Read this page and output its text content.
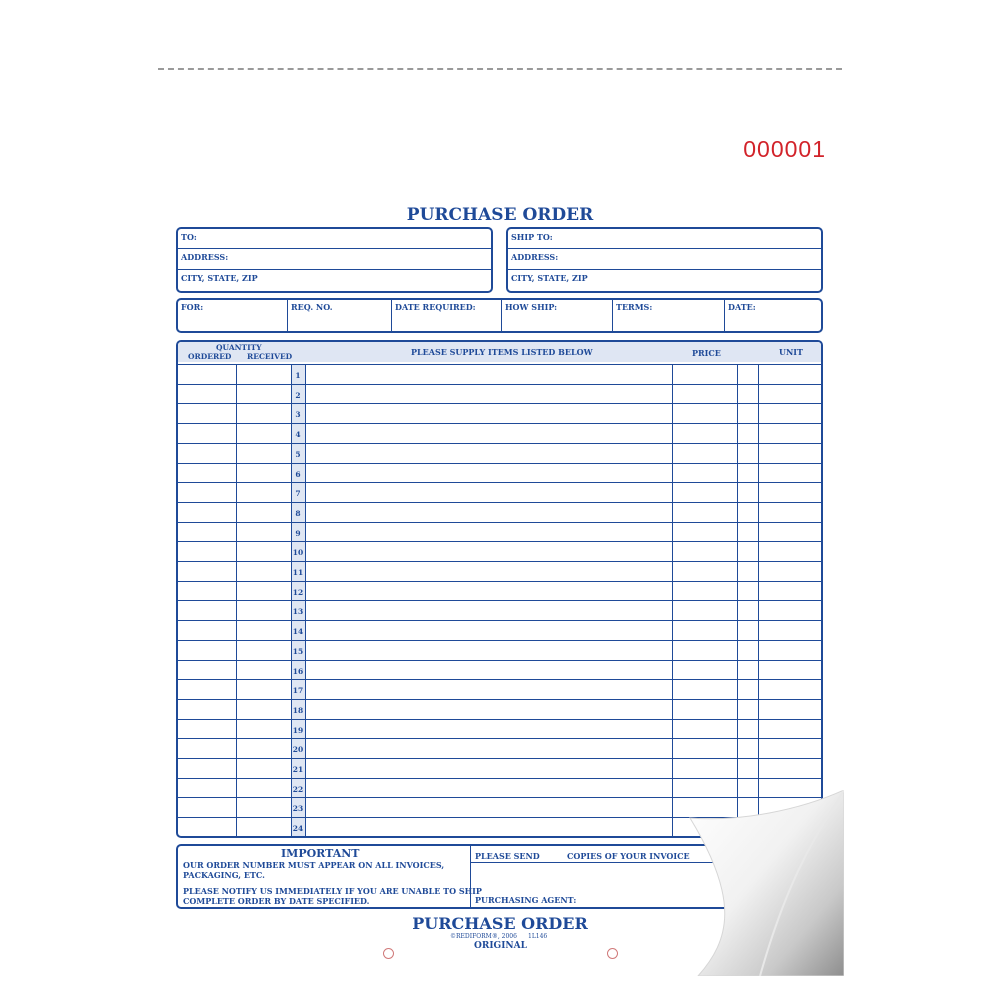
000001
PURCHASE ORDER
TO:
ADDRESS:
CITY, STATE, ZIP
SHIP TO:
ADDRESS:
CITY, STATE, ZIP
FOR:	REQ. NO.	DATE REQUIRED:	HOW SHIP:	TERMS:	DATE:
QUANTITY
ORDERED RECEIVED	PLEASE SUPPLY ITEMS LISTED BELOW	PRICE	UNIT
1
2
3
4
5
6
7
8
9
10
11
12
13
14
15
16
17
18
19
20
21
22
23
24
IMPORTANT
OUR ORDER NUMBER MUST APPEAR ON ALL INVOICES,
PACKAGING, ETC.
PLEASE NOTIFY US IMMEDIATELY IF YOU ARE UNABLE TO SHIP
COMPLETE ORDER BY DATE SPECIFIED.
PLEASE SEND	COPIES OF YOUR INVOICE
PURCHASING AGENT:
PURCHASE ORDER
©REDIFORM®, 2006 1L146
ORIGINAL
